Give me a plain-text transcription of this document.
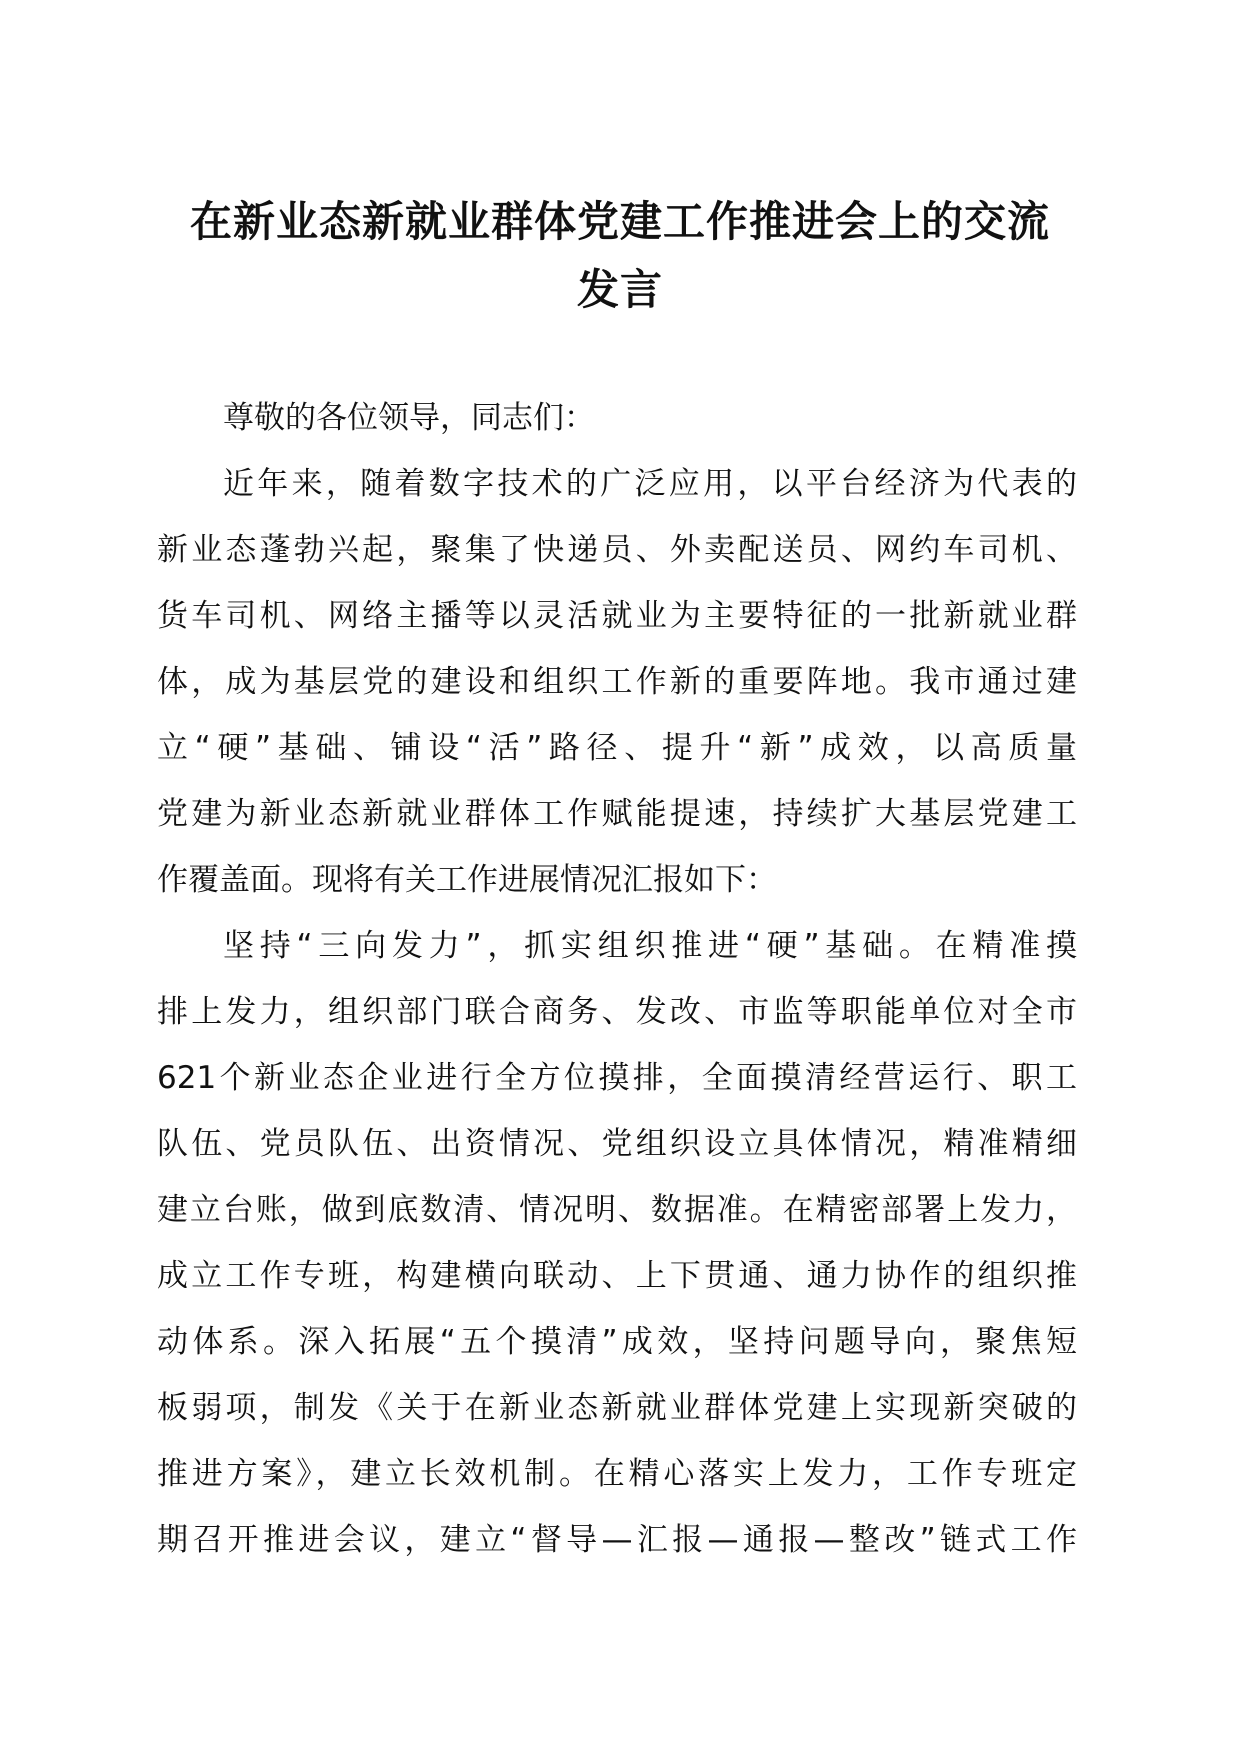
在新业态新就业群体党建工作推进会上的交流
发言
尊敬的各位领导，同志们：
近年来，随着数字技术的广泛应用，以平台经济为代表的
新业态蓬勃兴起，聚集了快递员、外卖配送员、网约车司机、
货车司机、网络主播等以灵活就业为主要特征的一批新就业群
体，成为基层党的建设和组织工作新的重要阵地。我市通过建
立“硬”基础、铺设“活”路径、提升“新”成效，以高质量
党建为新业态新就业群体工作赋能提速，持续扩大基层党建工
作覆盖面。现将有关工作进展情况汇报如下：
坚持“三向发力”，抓实组织推进“硬”基础。在精准摸
排上发力，组织部门联合商务、发改、市监等职能单位对全市
621个新业态企业进行全方位摸排，全面摸清经营运行、职工
队伍、党员队伍、出资情况、党组织设立具体情况，精准精细
建立台账，做到底数清、情况明、数据准。在精密部署上发力，
成立工作专班，构建横向联动、上下贯通、通力协作的组织推
动体系。深入拓展“五个摸清”成效，坚持问题导向，聚焦短
板弱项，制发《关于在新业态新就业群体党建上实现新突破的
推进方案》，建立长效机制。在精心落实上发力，工作专班定
期召开推进会议，建立“督导—汇报—通报—整改”链式工作
